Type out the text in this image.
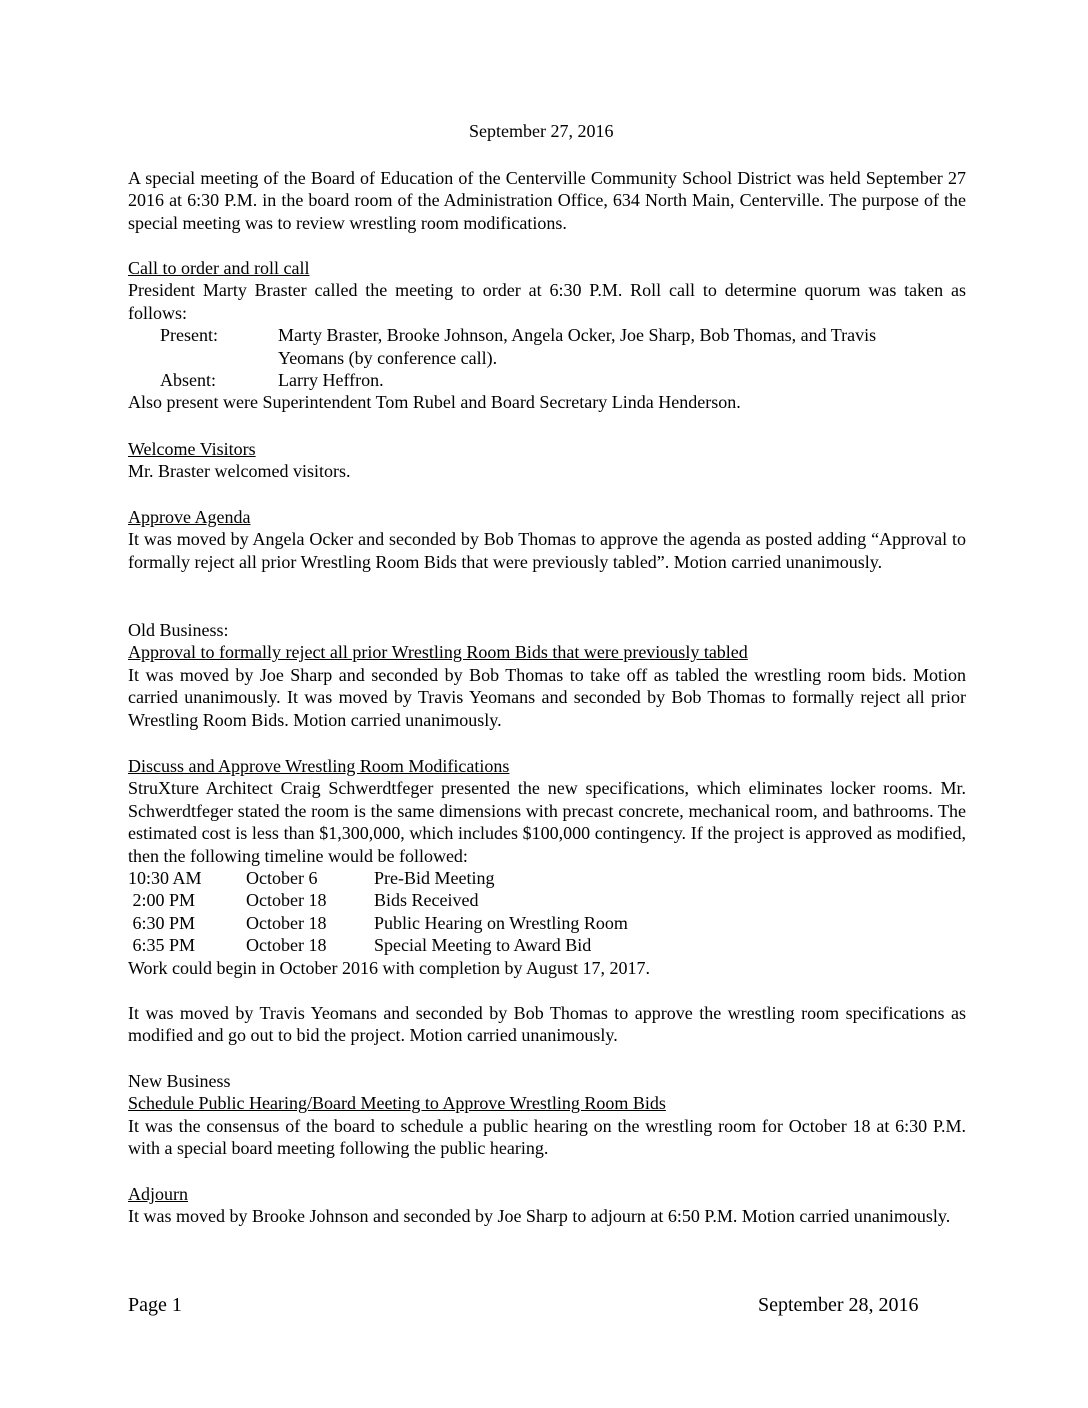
September 27, 2016

A special meeting of the Board of Education of the Centerville Community School District was held September 27 2016 at 6:30 P.M. in the board room of the Administration Office, 634 North Main, Centerville. The purpose of the special meeting was to review wrestling room modifications.

Call to order and roll call

President Marty Braster called the meeting to order at 6:30 P.M. Roll call to determine quorum was taken as follows:

Present:	Marty Braster, Brooke Johnson, Angela Ocker, Joe Sharp, Bob Thomas, and Travis Yeomans (by conference call).
Absent:	Larry Heffron.
Also present were Superintendent Tom Rubel and Board Secretary Linda Henderson.
Welcome Visitors
Mr. Braster welcomed visitors.
Approve Agenda

It was moved by Angela Ocker and seconded by Bob Thomas to approve the agenda as posted adding “Approval to formally reject all prior Wrestling Room Bids that were previously tabled”. Motion carried unanimously.

Old Business:
Approval to formally reject all prior Wrestling Room Bids that were previously tabled

It was moved by Joe Sharp and seconded by Bob Thomas to take off as tabled the wrestling room bids. Motion carried unanimously. It was moved by Travis Yeomans and seconded by Bob Thomas to formally reject all prior Wrestling Room Bids. Motion carried unanimously.

Discuss and Approve Wrestling Room Modifications

StruXture Architect Craig Schwerdtfeger presented the new specifications, which eliminates locker rooms. Mr. Schwerdtfeger stated the room is the same dimensions with precast concrete, mechanical room, and bathrooms. The estimated cost is less than $1,300,000, which includes $100,000 contingency. If the project is approved as modified, then the following timeline would be followed:

10:30 AM	October 6	Pre-Bid Meeting
2:00 PM	October 18	Bids Received
6:30 PM	October 18	Public Hearing on Wrestling Room
6:35 PM	October 18	Special Meeting to Award Bid
Work could begin in October 2016 with completion by August 17, 2017.

It was moved by Travis Yeomans and seconded by Bob Thomas to approve the wrestling room specifications as modified and go out to bid the project. Motion carried unanimously.

New Business
Schedule Public Hearing/Board Meeting to Approve Wrestling Room Bids

It was the consensus of the board to schedule a public hearing on the wrestling room for October 18 at 6:30 P.M. with a special board meeting following the public hearing.

Adjourn

It was moved by Brooke Johnson and seconded by Joe Sharp to adjourn at 6:50 P.M. Motion carried unanimously.

Page 1	September 28, 2016
